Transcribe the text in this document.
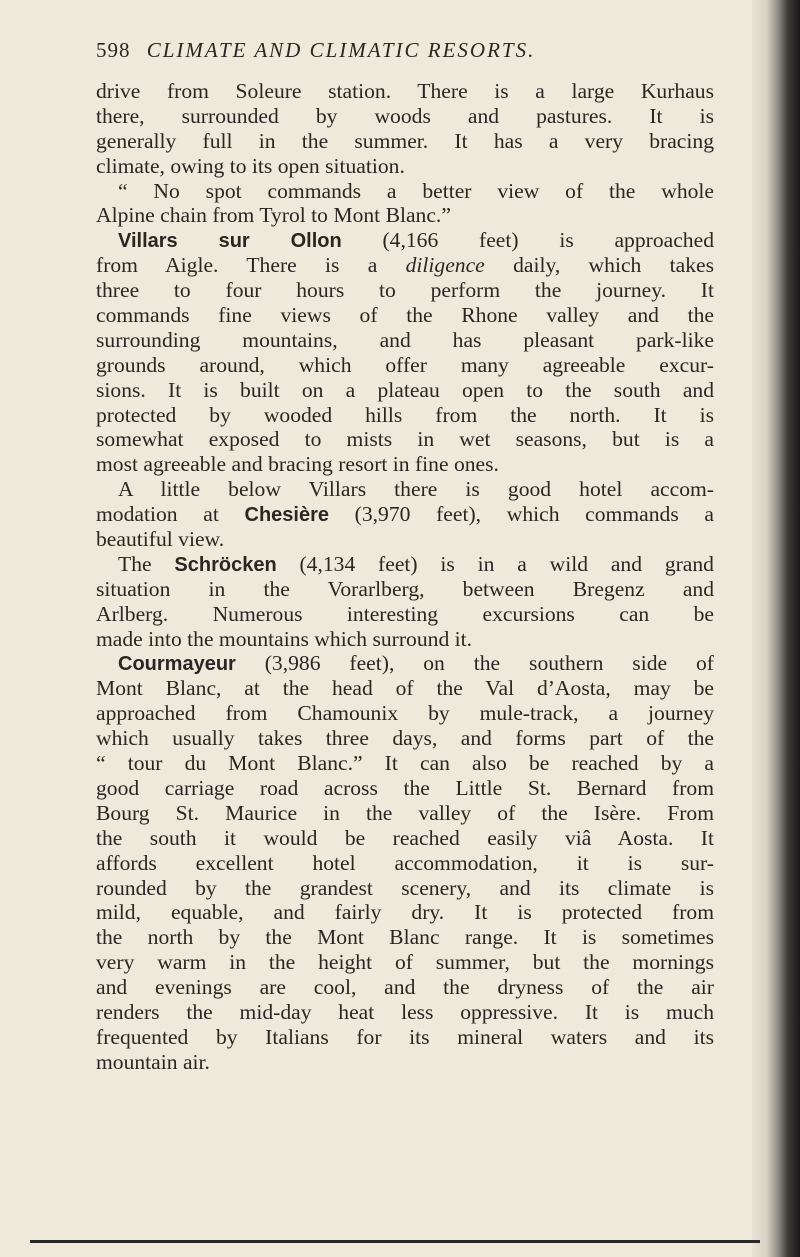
598 CLIMATE AND CLIMATIC RESORTS.
drive from Soleure station. There is a large Kurhaus
there, surrounded by woods and pastures. It is
generally full in the summer. It has a very bracing
climate, owing to its open situation.
“ No spot commands a better view of the whole
Alpine chain from Tyrol to Mont Blanc.”
Villars sur Ollon (4,166 feet) is approached
from Aigle. There is a diligence daily, which takes
three to four hours to perform the journey. It
commands fine views of the Rhone valley and the
surrounding mountains, and has pleasant park-like
grounds around, which offer many agreeable excur-
sions. It is built on a plateau open to the south and
protected by wooded hills from the north. It is
somewhat exposed to mists in wet seasons, but is a
most agreeable and bracing resort in fine ones.
A little below Villars there is good hotel accom-
modation at Chesière (3,970 feet), which commands a
beautiful view.
The Schröcken (4,134 feet) is in a wild and grand
situation in the Vorarlberg, between Bregenz and
Arlberg. Numerous interesting excursions can be
made into the mountains which surround it.
Courmayeur (3,986 feet), on the southern side of
Mont Blanc, at the head of the Val d’Aosta, may be
approached from Chamounix by mule-track, a journey
which usually takes three days, and forms part of the
“ tour du Mont Blanc.” It can also be reached by a
good carriage road across the Little St. Bernard from
Bourg St. Maurice in the valley of the Isère. From
the south it would be reached easily viâ Aosta. It
affords excellent hotel accommodation, it is sur-
rounded by the grandest scenery, and its climate is
mild, equable, and fairly dry. It is protected from
the north by the Mont Blanc range. It is sometimes
very warm in the height of summer, but the mornings
and evenings are cool, and the dryness of the air
renders the mid-day heat less oppressive. It is much
frequented by Italians for its mineral waters and its
mountain air.
